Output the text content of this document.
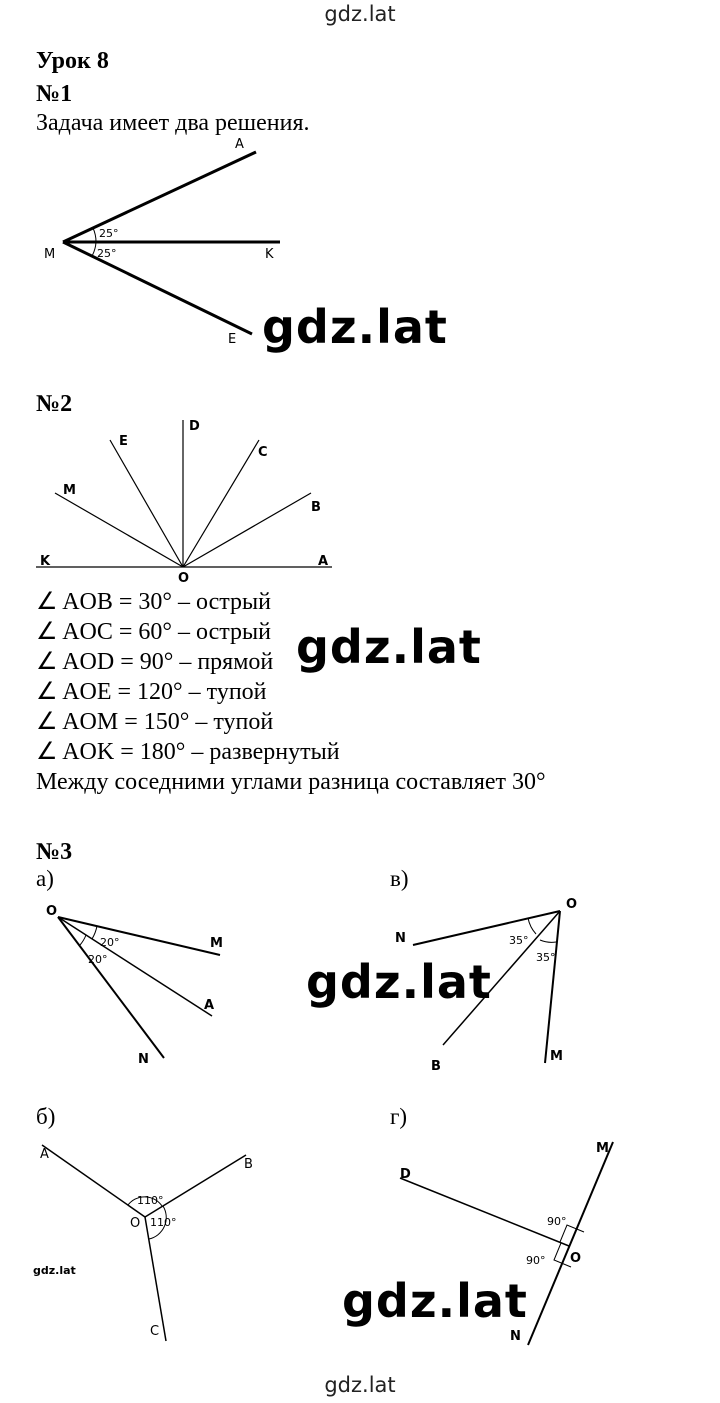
gdz.lat
Урок 8
№1
Задача имеет два решения.
A
M	K
E
25°
25°
D
E
C
M
B
K
O
A
O
M
A
N
20°
20°
O
N
B
M
35°
35°
A
B
O
C
110°
110°
D
M
O
N
90°
90°
gdz.lat
№2
∠ AOB = 30° – острый
∠ AOC = 60° – острый
∠ AOD = 90° – прямой
∠ AOE = 120° – тупой
∠ AOM = 150° – тупой
∠ AOK = 180° – развернутый
Между соседними углами разница составляет 30°
gdz.lat
№3
а)	в)
б)	г)
gdz.lat
gdz.lat
gdz.lat
gdz.lat
